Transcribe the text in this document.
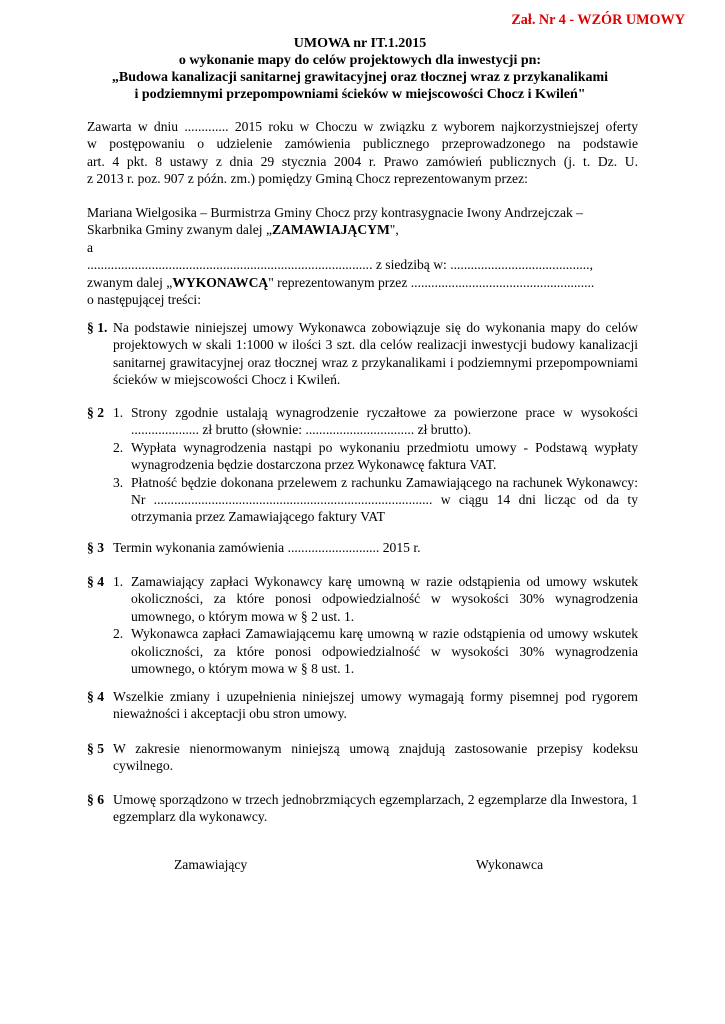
Zał. Nr 4 - WZÓR UMOWY
UMOWA nr IT.1.2015
o wykonanie mapy do celów projektowych dla inwestycji pn:
„Budowa kanalizacji sanitarnej grawitacyjnej oraz tłocznej wraz z przykanalikami
i podziemnymi przepompowniami ścieków w miejscowości Chocz i Kwileń"
Zawarta w dniu ............. 2015 roku w Choczu w związku z wyborem najkorzystniejszej oferty
w postępowaniu o udzielenie zamówienia publicznego przeprowadzonego na podstawie
art. 4 pkt. 8 ustawy z dnia 29 stycznia 2004 r. Prawo zamówień publicznych (j. t. Dz. U.
z 2013 r. poz. 907 z późn. zm.) pomiędzy Gminą Chocz reprezentowanym przez:
Mariana Wielgosika – Burmistrza Gminy Chocz przy kontrasygnacie Iwony Andrzejczak –
Skarbnika Gminy zwanym dalej „ZAMAWIAJĄCYM",
a
.................................................................................... z siedzibą w: .........................................,
zwanym dalej „WYKONAWCĄ" reprezentowanym przez ......................................................
o następującej treści:
§ 1. Na podstawie niniejszej umowy Wykonawca zobowiązuje się do wykonania mapy do celów projektowych w skali 1:1000 w ilości 3 szt. dla celów realizacji inwestycji budowy kanalizacji sanitarnej grawitacyjnej oraz tłocznej wraz z przykanalikami i podziemnymi przepompowniami ścieków w miejscowości Chocz i Kwileń.
§ 2 1. Strony zgodnie ustalają wynagrodzenie ryczałtowe za powierzone prace w wysokości .................... zł brutto (słownie: ................................ zł brutto).
2. Wypłata wynagrodzenia nastąpi po wykonaniu przedmiotu umowy - Podstawą wypłaty wynagrodzenia będzie dostarczona przez Wykonawcę faktura VAT.
3. Płatność będzie dokonana przelewem z rachunku Zamawiającego na rachunek Wykonawcy: Nr .................................................................................. w ciągu 14 dni licząc od da ty otrzymania przez Zamawiającego faktury VAT
§ 3 Termin wykonania zamówienia ........................... 2015 r.
§ 4 1. Zamawiający zapłaci Wykonawcy karę umowną w razie odstąpienia od umowy wskutek okoliczności, za które ponosi odpowiedzialność w wysokości 30% wynagrodzenia umownego, o którym mowa w § 2 ust. 1.
2. Wykonawca zapłaci Zamawiającemu karę umowną w razie odstąpienia od umowy wskutek okoliczności, za które ponosi odpowiedzialność w wysokości 30% wynagrodzenia umownego, o którym mowa w § 8 ust. 1.
§ 4 Wszelkie zmiany i uzupełnienia niniejszej umowy wymagają formy pisemnej pod rygorem nieważności i akceptacji obu stron umowy.
§ 5 W zakresie nienormowanym niniejszą umową znajdują zastosowanie przepisy kodeksu cywilnego.
§ 6 Umowę sporządzono w trzech jednobrzmiących egzemplarzach, 2 egzemplarze dla Inwestora, 1 egzemplarz dla wykonawcy.
Zamawiający	Wykonawca
